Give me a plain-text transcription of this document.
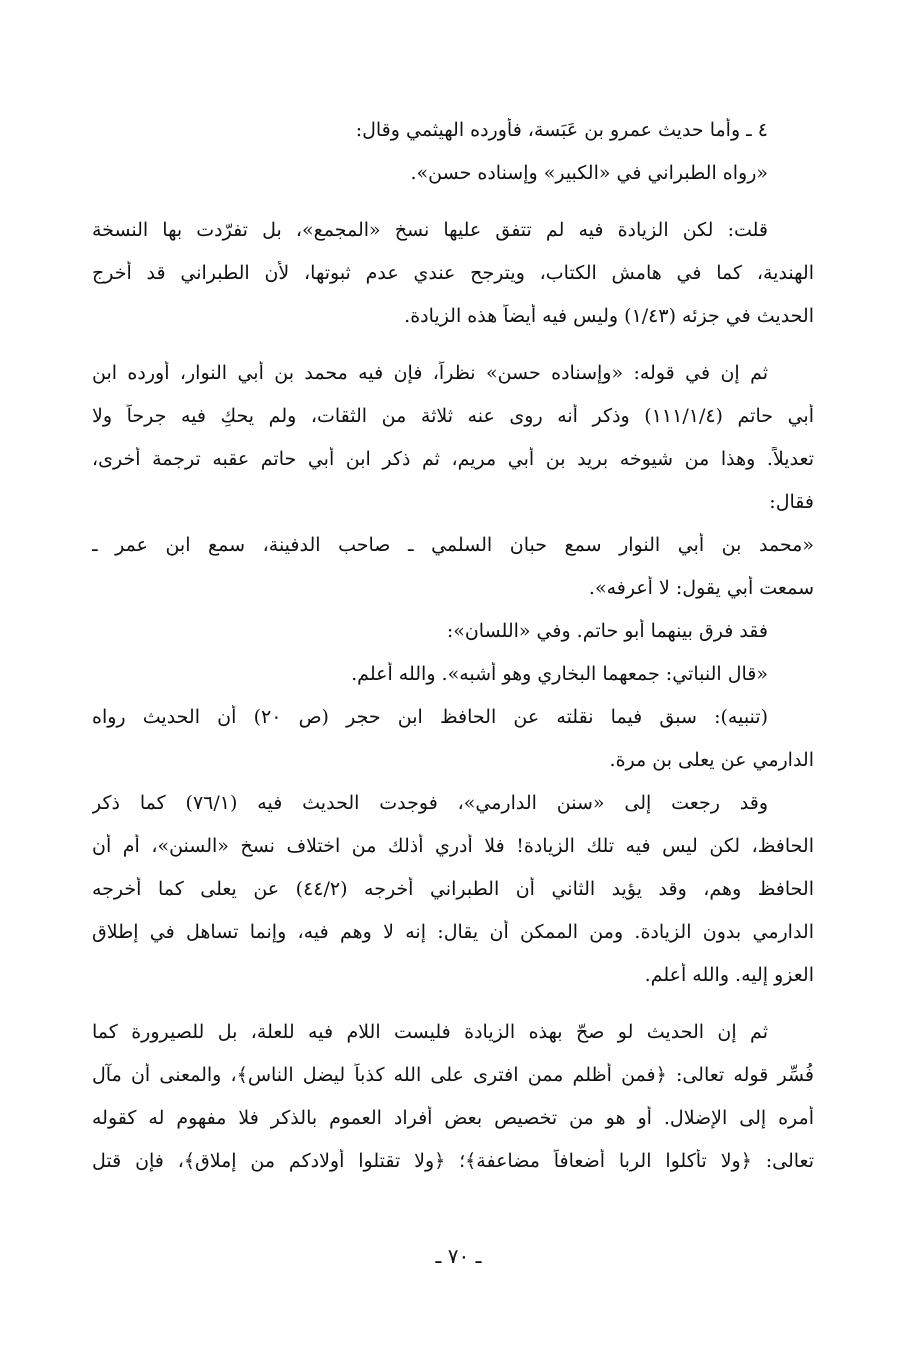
٤ ـ وأما حديث عمرو بن عَبَسة، فأورده الهيثمي وقال:
«رواه الطبراني في «الكبير» وإسناده حسن».
قلت: لكن الزيادة فيه لم تتفق عليها نسخ «المجمع»، بل تفرّدت بها النسخة
الهندية، كما في هامش الكتاب، ويترجح عندي عدم ثبوتها، لأن الطبراني قد أخرج
الحديث في جزئه (١/٤٣) وليس فيه أيضاً هذه الزيادة.
ثم إن في قوله: «وإسناده حسن» نظراً، فإن فيه محمد بن أبي النوار، أورده ابن
أبي حاتم (١١١/١/٤) وذكر أنه روى عنه ثلاثة من الثقات، ولم يحكِ فيه جرحاً ولا
تعديلاً. وهذا من شيوخه بريد بن أبي مريم، ثم ذكر ابن أبي حاتم عقبه ترجمة أخرى،
فقال:
«محمد بن أبي النوار سمع حبان السلمي ـ صاحب الدفينة، سمع ابن عمر ـ
سمعت أبي يقول: لا أعرفه».
فقد فرق بينهما أبو حاتم. وفي «اللسان»:
«قال النباتي: جمعهما البخاري وهو أشبه». والله أعلم.
(تنبيه): سبق فيما نقلته عن الحافظ ابن حجر (ص ٢٠) أن الحديث رواه
الدارمي عن يعلى بن مرة.
وقد رجعت إلى «سنن الدارمي»، فوجدت الحديث فيه (٧٦/١) كما ذكر
الحافظ، لكن ليس فيه تلك الزيادة! فلا أدري أذلك من اختلاف نسخ «السنن»، أم أن
الحافظ وهم، وقد يؤيد الثاني أن الطبراني أخرجه (٤٤/٢) عن يعلى كما أخرجه
الدارمي بدون الزيادة. ومن الممكن أن يقال: إنه لا وهم فيه، وإنما تساهل في إطلاق
العزو إليه. والله أعلم.
ثم إن الحديث لو صحّ بهذه الزيادة فليست اللام فيه للعلة، بل للصيرورة كما
فُسِّر قوله تعالى: ﴿فمن أظلم ممن افترى على الله كذباً ليضل الناس﴾، والمعنى أن مآل
أمره إلى الإضلال. أو هو من تخصيص بعض أفراد العموم بالذكر فلا مفهوم له كقوله
تعالى: ﴿ولا تأكلوا الربا أضعافاً مضاعفة﴾؛ ﴿ولا تقتلوا أولادكم من إملاق﴾، فإن قتل
ـ ٧٠ ـ
